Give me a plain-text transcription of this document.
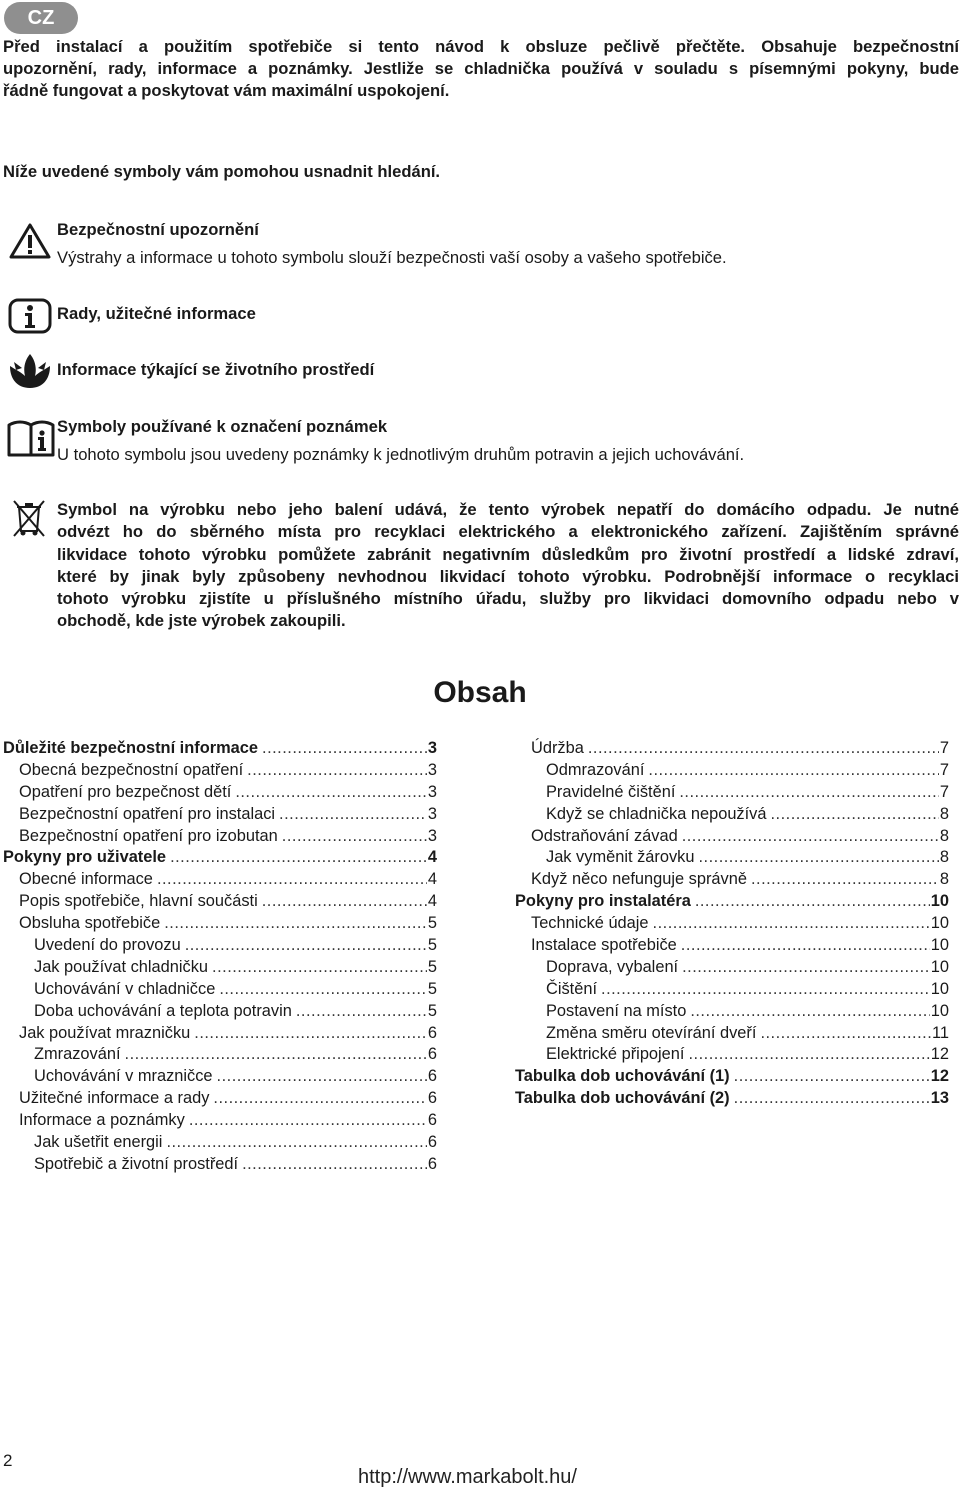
CZ
Před instalací a použitím spotřebiče si tento návod k obsluze pečlivě přečtěte. Obsahuje bezpečnostní
upozornění, rady, informace a poznámky. Jestliže se chladnička používá v souladu s písemnými pokyny, bude
řádně fungovat a poskytovat vám maximální uspokojení.
Níže uvedené symboly vám pomohou usnadnit hledání.
Bezpečnostní upozornění
Výstrahy a informace u tohoto symbolu slouží bezpečnosti vaší osoby a vašeho spotřebiče.
Rady, užitečné informace
Informace týkající se životního prostředí
Symboly používané k označení poznámek
U tohoto symbolu jsou uvedeny poznámky k jednotlivým druhům potravin a jejich uchovávání.
Symbol na výrobku nebo jeho balení udává, že tento výrobek nepatří do domácího odpadu. Je nutné
odvézt ho do sběrného místa pro recyklaci elektrického a elektronického zařízení. Zajištěním správné
likvidace tohoto výrobku pomůžete zabránit negativním důsledkům pro životní prostředí a lidské zdraví,
které by jinak byly způsobeny nevhodnou likvidací tohoto výrobku. Podrobnější informace o recyklaci
tohoto výrobku zjistíte u příslušného místního úřadu, služby pro likvidaci domovního odpadu nebo v
obchodě, kde jste výrobek zakoupili.
Obsah
Důležité bezpečnostní informace .....	3
Obecná bezpečnostní opatření .....	3
Opatření pro bezpečnost dětí .....	3
Bezpečnostní opatření pro instalaci .....	3
Bezpečnostní opatření pro izobutan .....	3
Pokyny pro uživatele .....	4
Obecné informace .....	4
Popis spotřebiče, hlavní součásti .....	4
Obsluha spotřebiče .....	5
Uvedení do provozu .....	5
Jak používat chladničku .....	5
Uchovávání v chladničce .....	5
Doba uchovávání a teplota potravin .....	5
Jak používat mrazničku .....	6
Zmrazování .....	6
Uchovávání v mrazničce .....	6
Užitečné informace a rady .....	6
Informace a poznámky .....	6
Jak ušetřit energii .....	6
Spotřebič a životní prostředí .....	6
Údržba .....	7
Odmrazování .....	7
Pravidelné čištění .....	7
Když se chladnička nepoužívá .....	8
Odstraňování závad .....	8
Jak vyměnit žárovku .....	8
Když něco nefunguje správně .....	8
Pokyny pro instalatéra .....	10
Technické údaje .....	10
Instalace spotřebiče .....	10
Doprava, vybalení .....	10
Čištění .....	10
Postavení na místo .....	10
Změna směru otevírání dveří .....	11
Elektrické připojení .....	12
Tabulka dob uchovávání (1) .....	12
Tabulka dob uchovávání (2) .....	13
2
http://www.markabolt.hu/
